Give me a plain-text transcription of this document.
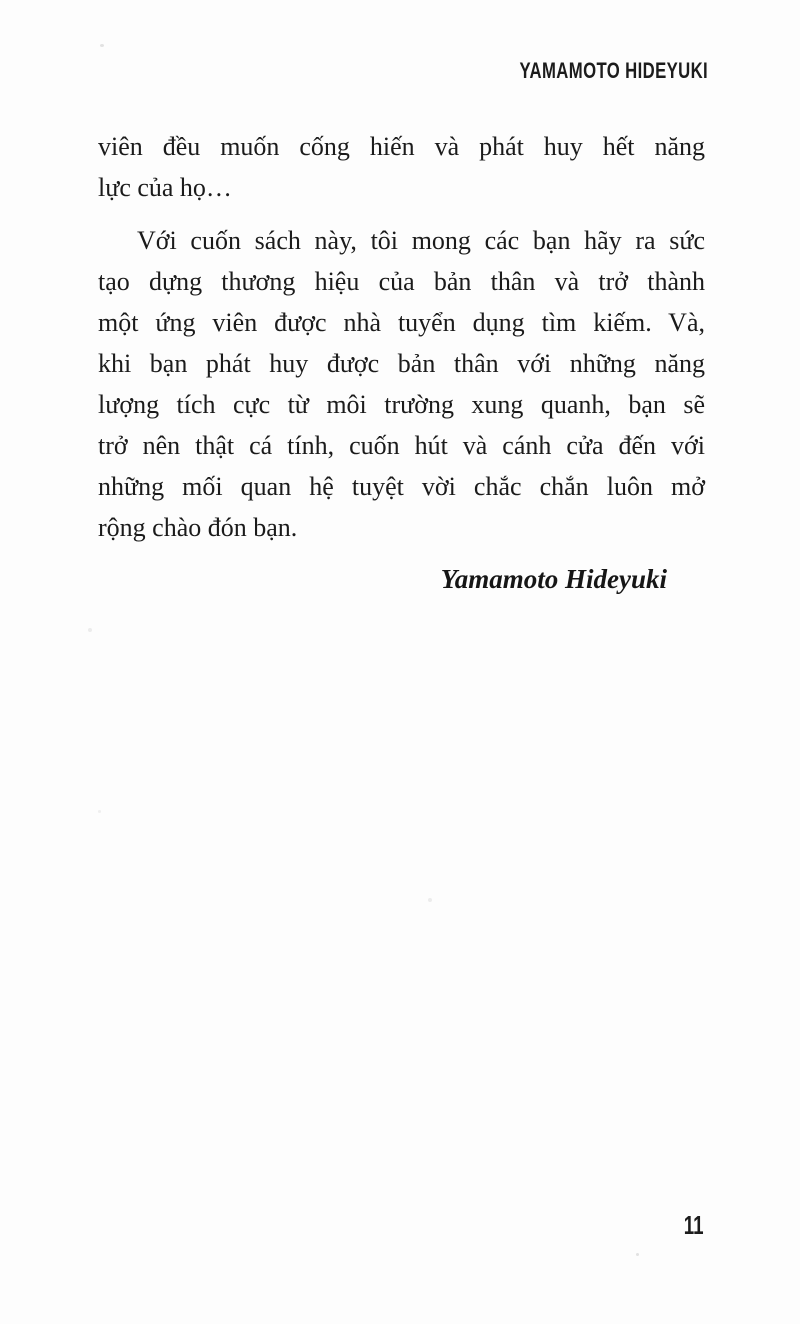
YAMAMOTO HIDEYUKI
viên đều muốn cống hiến và phát huy hết năng
lực của họ…
Với cuốn sách này, tôi mong các bạn hãy ra sức
tạo dựng thương hiệu của bản thân và trở thành
một ứng viên được nhà tuyển dụng tìm kiếm. Và,
khi bạn phát huy được bản thân với những năng
lượng tích cực từ môi trường xung quanh, bạn sẽ
trở nên thật cá tính, cuốn hút và cánh cửa đến với
những mối quan hệ tuyệt vời chắc chắn luôn mở
rộng chào đón bạn.
Yamamoto Hideyuki
11
